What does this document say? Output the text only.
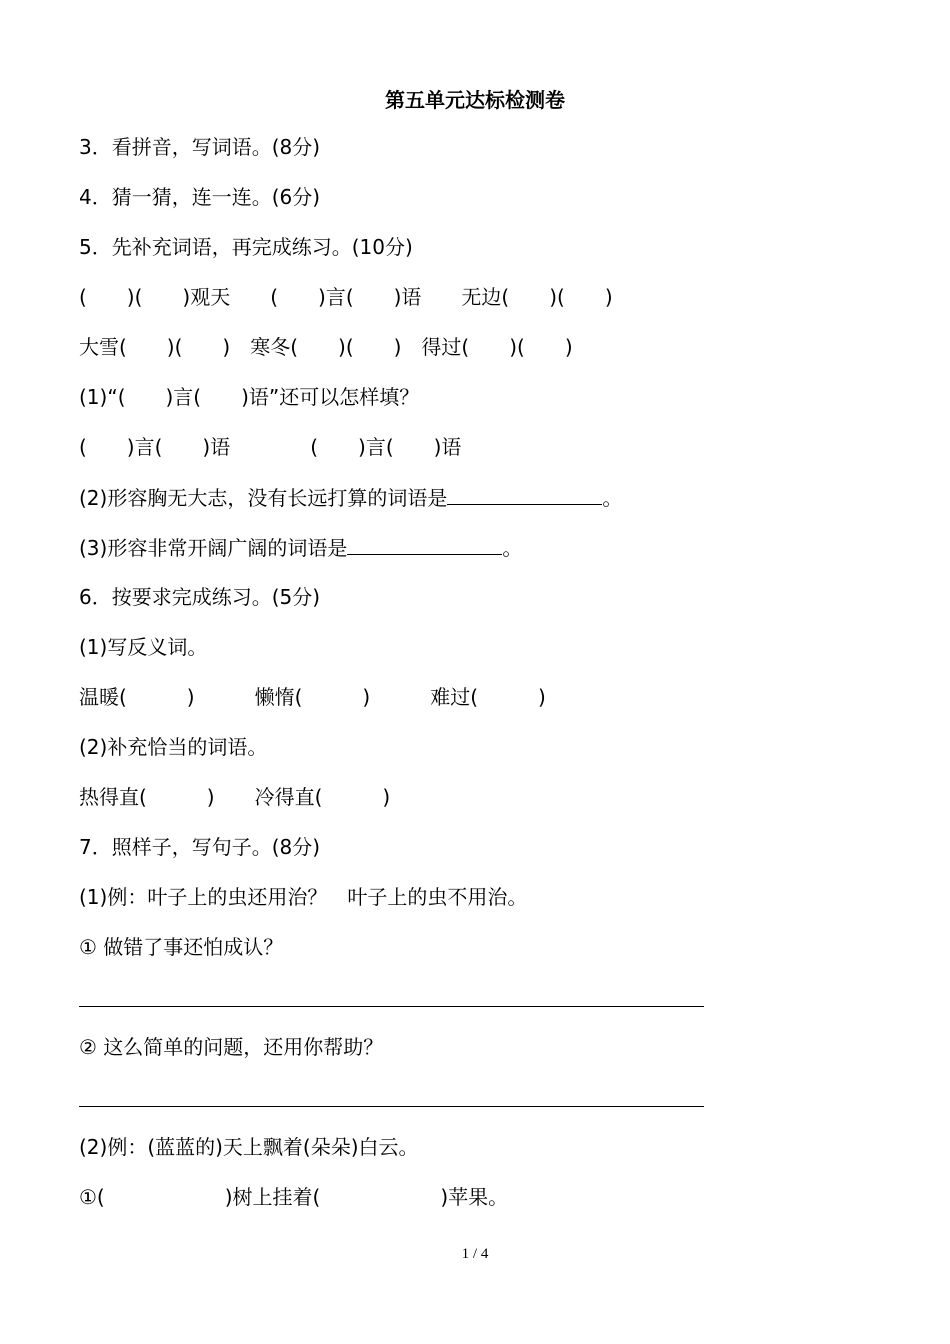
第五单元达标检测卷
3．看拼音，写词语。(8分)
4．猜一猜，连一连。(6分)
5．先补充词语，再完成练习。(10分)
(　　)(　　)观天　　(　　)言(　　)语　　无边(　　)(　　)
大雪(　　)(　　)　寒冬(　　)(　　)　得过(　　)(　　)
(1)“(　　)言(　　)语”还可以怎样填？
(　　)言(　　)语　　　　(　　)言(　　)语
(2)形容胸无大志，没有长远打算的词语是	。
(3)形容非常开阔广阔的词语是	。
6．按要求完成练习。(5分)
(1)写反义词。
温暖(　　　)　　　懒惰(　　　)　　　难过(　　　)
(2)补充恰当的词语。
热得直(　　　)　　冷得直(　　　)
7．照样子，写句子。(8分)
(1)例：叶子上的虫还用治？　叶子上的虫不用治。
① 做错了事还怕成认？
② 这么简单的问题，还用你帮助？
(2)例：(蓝蓝的)天上飘着(朵朵)白云。
①(　　　　　　)树上挂着(　　　　　　)苹果。
1 / 4
